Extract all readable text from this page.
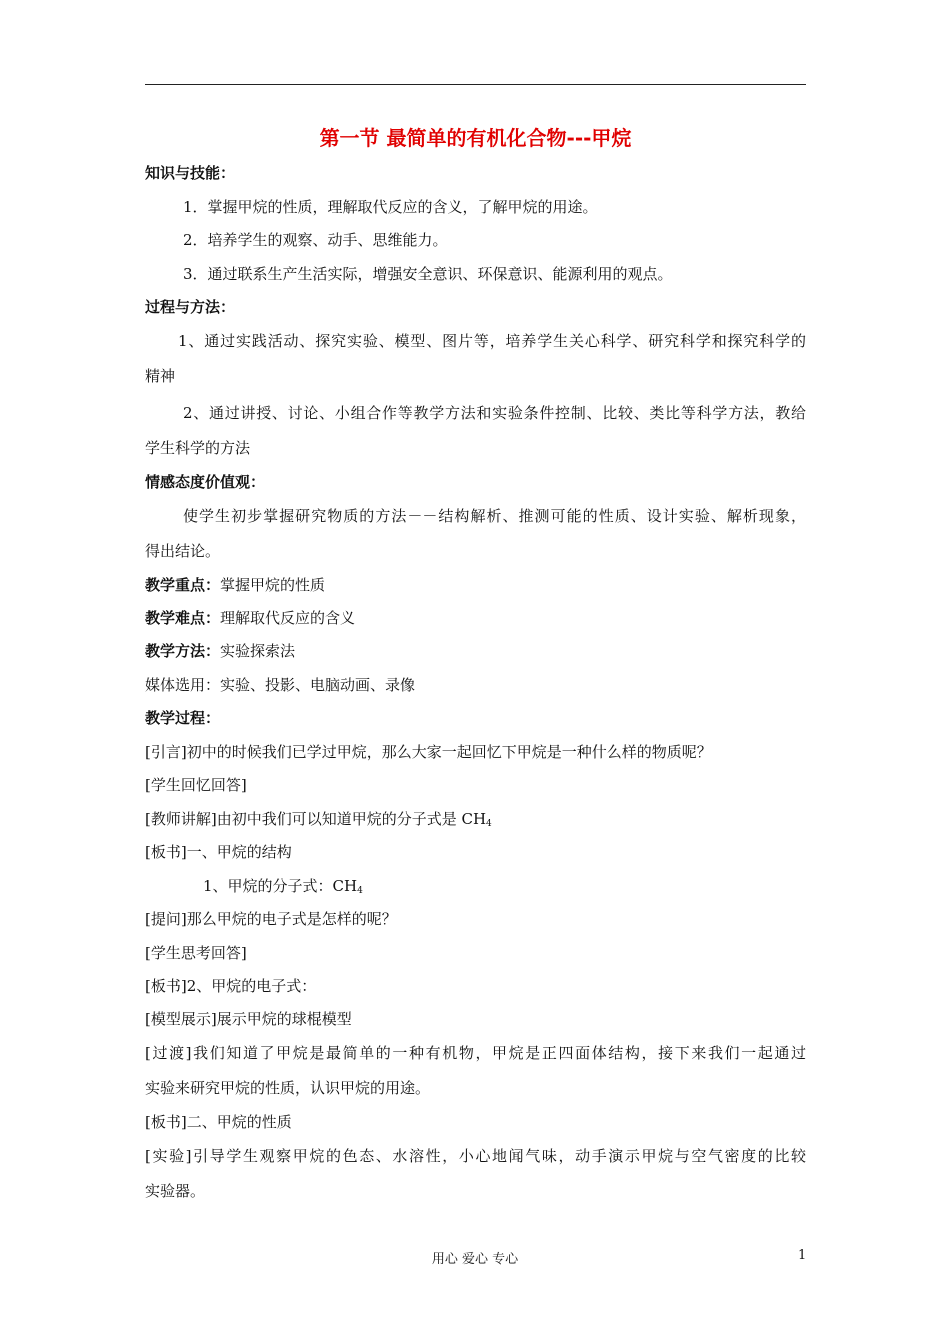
第一节 最简单的有机化合物---甲烷
知识与技能：
1．掌握甲烷的性质，理解取代反应的含义，了解甲烷的用途。
2．培养学生的观察、动手、思维能力。
3．通过联系生产生活实际，增强安全意识、环保意识、能源利用的观点。
过程与方法：
1、通过实践活动、探究实验、模型、图片等，培养学生关心科学、研究科学和探究科学的
精神
2、通过讲授、讨论、小组合作等教学方法和实验条件控制、比较、类比等科学方法，教给
学生科学的方法
情感态度价值观：
使学生初步掌握研究物质的方法－－结构解析、推测可能的性质、设计实验、解析现象，
得出结论。
教学重点：掌握甲烷的性质
教学难点：理解取代反应的含义
教学方法：实验探索法
媒体选用：实验、投影、电脑动画、录像
教学过程：
[引言]初中的时候我们已学过甲烷，那么大家一起回忆下甲烷是一种什么样的物质呢？
[学生回忆回答]
[教师讲解]由初中我们可以知道甲烷的分子式是 $CH_4$
[板书]一、甲烷的结构
1、甲烷的分子式：$CH_4$
[提问]那么甲烷的电子式是怎样的呢？
[学生思考回答]
[板书]2、甲烷的电子式：
[模型展示]展示甲烷的球棍模型
[过渡]我们知道了甲烷是最简单的一种有机物，甲烷是正四面体结构，接下来我们一起通过
实验来研究甲烷的性质，认识甲烷的用途。
[板书]二、甲烷的性质
[实验]引导学生观察甲烷的色态、水溶性，小心地闻气味，动手演示甲烷与空气密度的比较
实验器。
用心 爱心 专心	1
